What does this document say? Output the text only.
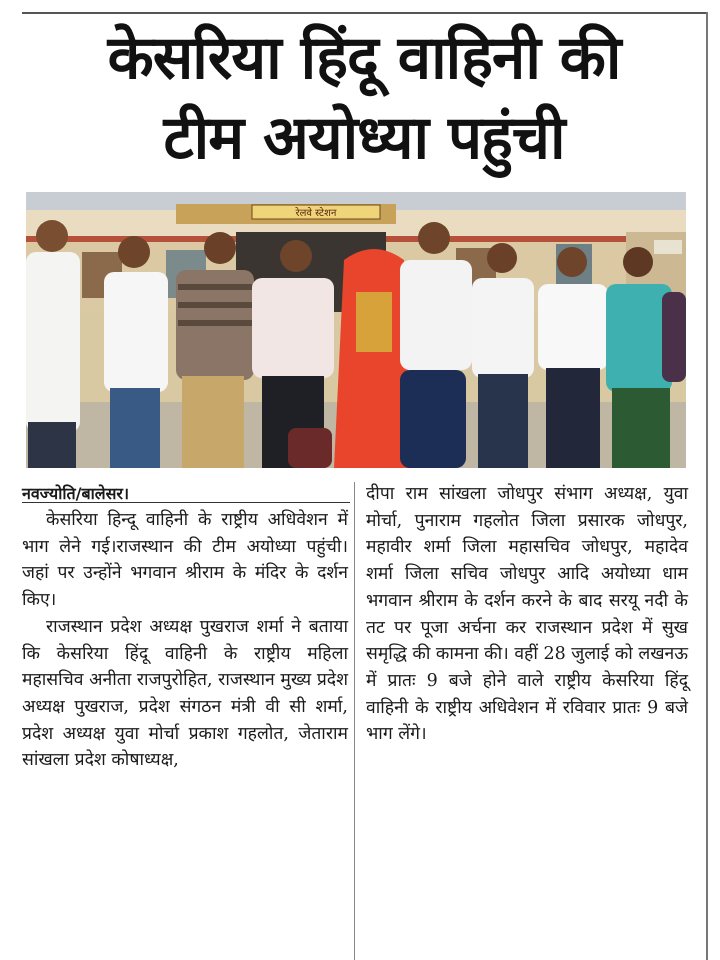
केसरिया हिंदू वाहिनी की
टीम अयोध्या पहुंची
रेलवे स्टेशन
नवज्योति/बालेसर।

केसरिया हिन्दू वाहिनी के राष्ट्रीय अधिवेशन में भाग लेने गई।राजस्थान की टीम अयोध्या पहुंची। जहां पर उन्होंने भगवान श्रीराम के मंदिर के दर्शन किए।

राजस्थान प्रदेश अध्यक्ष पुखराज शर्मा ने बताया कि केसरिया हिंदू वाहिनी के राष्ट्रीय महिला महासचिव अनीता राजपुरोहित, राजस्थान मुख्य प्रदेश अध्यक्ष पुखराज, प्रदेश संगठन मंत्री वी सी शर्मा, प्रदेश अध्यक्ष युवा मोर्चा प्रकाश गहलोत, जेताराम सांखला प्रदेश कोषाध्यक्ष,

दीपा राम सांखला जोधपुर संभाग अध्यक्ष, युवा मोर्चा, पुनाराम गहलोत जिला प्रसारक जोधपुर, महावीर शर्मा जिला महासचिव जोधपुर, महादेव शर्मा जिला सचिव जोधपुर आदि अयोध्या धाम भगवान श्रीराम के दर्शन करने के बाद सरयू नदी के तट पर पूजा अर्चना कर राजस्थान प्रदेश में सुख समृद्धि की कामना की। वहीं 28 जुलाई को लखनऊ में प्रातः 9 बजे होने वाले राष्ट्रीय केसरिया हिंदू वाहिनी के राष्ट्रीय अधिवेशन में रविवार प्रातः 9 बजे भाग लेंगे।
